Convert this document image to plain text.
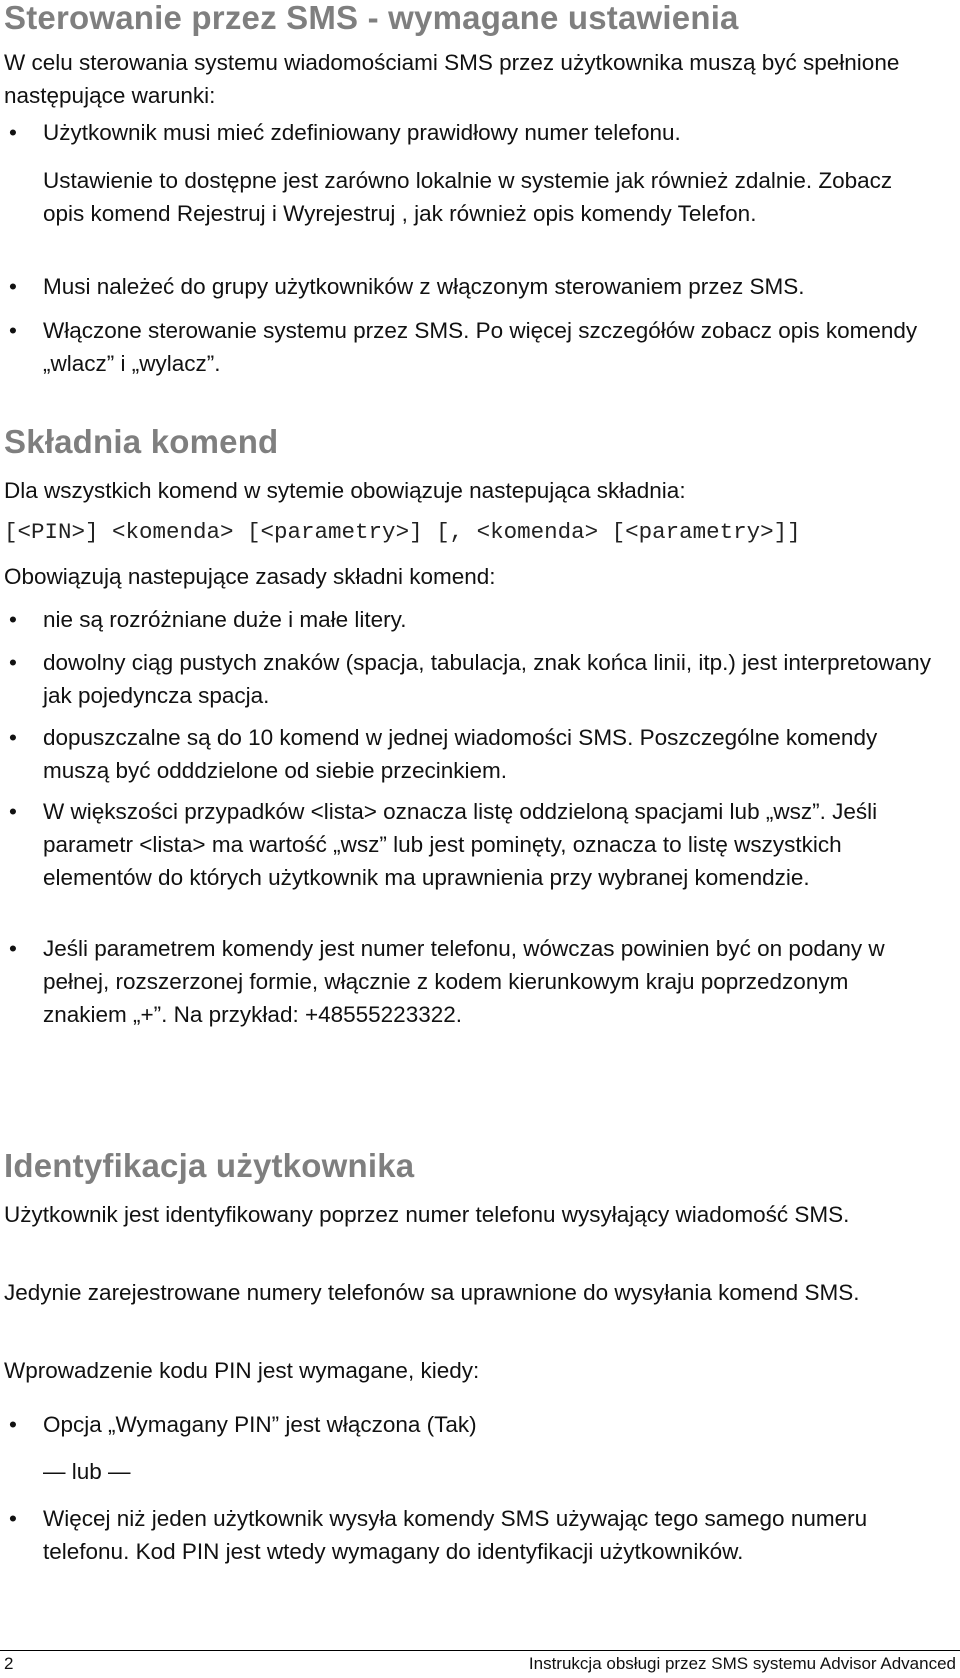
Sterowanie przez SMS - wymagane ustawienia

W celu sterowania systemu wiadomościami SMS przez użytkownika muszą być spełnione następujące warunki:

• Użytkownik musi mieć zdefiniowany prawidłowy numer telefonu.
Ustawienie to dostępne jest zarówno lokalnie w systemie jak również zdalnie. Zobacz opis komend Rejestruj i Wyrejestruj , jak również opis komendy Telefon.
• Musi należeć do grupy użytkowników z włączonym sterowaniem przez SMS.
• Włączone sterowanie systemu przez SMS. Po więcej szczegółów zobacz opis komendy „wlacz” i „wylacz”.
Składnia komend

Dla wszystkich komend w sytemie obowiązuje nastepująca składnia:

[<PIN>] <komenda> [<parametry>] [, <komenda> [<parametry>]]

Obowiązują nastepujące zasady składni komend:

• nie są rozróżniane duże i małe litery.
• dowolny ciąg pustych znaków (spacja, tabulacja, znak końca linii, itp.) jest interpretowany jak pojedyncza spacja.
• dopuszczalne są do 10 komend w jednej wiadomości SMS. Poszczególne komendy muszą być odddzielone od siebie przecinkiem.
• W większości przypadków <lista> oznacza listę oddzieloną spacjami lub „wsz”. Jeśli parametr <lista> ma wartość „wsz” lub jest pominęty, oznacza to listę wszystkich elementów do których użytkownik ma uprawnienia przy wybranej komendzie.
• Jeśli parametrem komendy jest numer telefonu, wówczas powinien być on podany w pełnej, rozszerzonej formie, włącznie z kodem kierunkowym kraju poprzedzonym znakiem „+”. Na przykład: +48555223322.
Identyfikacja użytkownika

Użytkownik jest identyfikowany poprzez numer telefonu wysyłający wiadomość SMS.

Jedynie zarejestrowane numery telefonów sa uprawnione do wysyłania komend SMS.

Wprowadzenie kodu PIN jest wymagane, kiedy:

• Opcja „Wymagany PIN” jest włączona (Tak)
— lub —
• Więcej niż jeden użytkownik wysyła komendy SMS używając tego samego numeru telefonu. Kod PIN jest wtedy wymagany do identyfikacji użytkowników.
2	Instrukcja obsługi przez SMS systemu Advisor Advanced
